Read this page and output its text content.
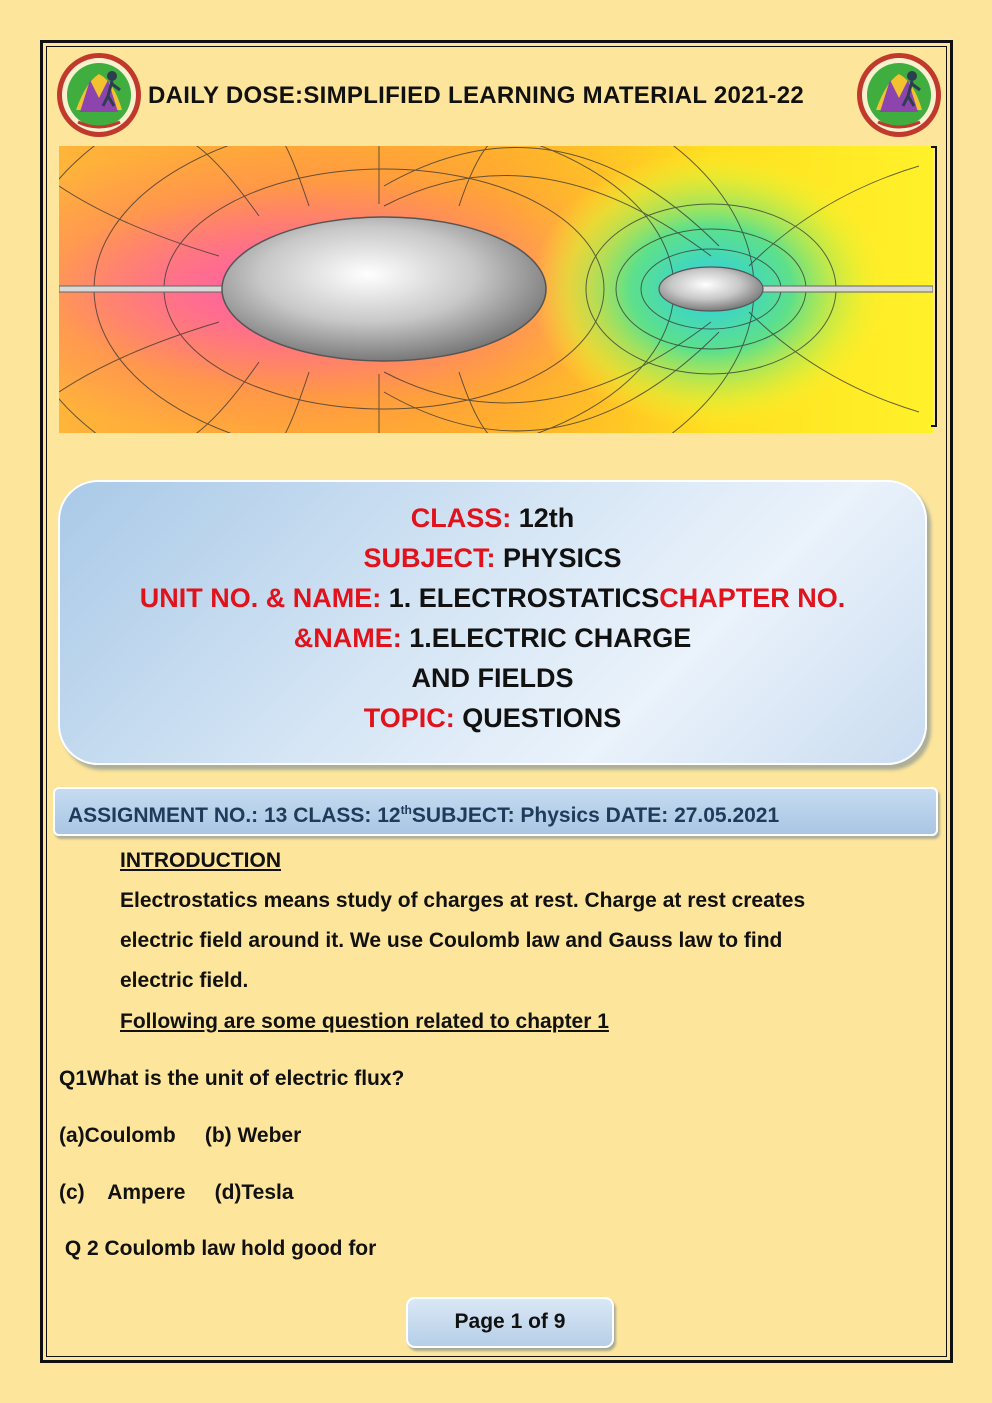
DAILY DOSE:SIMPLIFIED LEARNING MATERIAL 2021-22
CLASS: 12th
SUBJECT: PHYSICS
UNIT NO. & NAME: 1. ELECTROSTATICSCHAPTER NO.
&NAME: 1.ELECTRIC CHARGE
AND FIELDS
TOPIC: QUESTIONS
ASSIGNMENT NO.: 13 CLASS: 12thSUBJECT: Physics DATE: 27.05.2021
INTRODUCTION
Electrostatics means study of charges at rest. Charge at rest creates
electric field around it. We use Coulomb law and Gauss law to find
electric field.
Following are some question related to chapter 1
Q1What is the unit of electric flux?
(a)Coulomb     (b) Weber
(c)    Ampere     (d)Tesla
Q 2 Coulomb law hold good for
Page 1 of 9
